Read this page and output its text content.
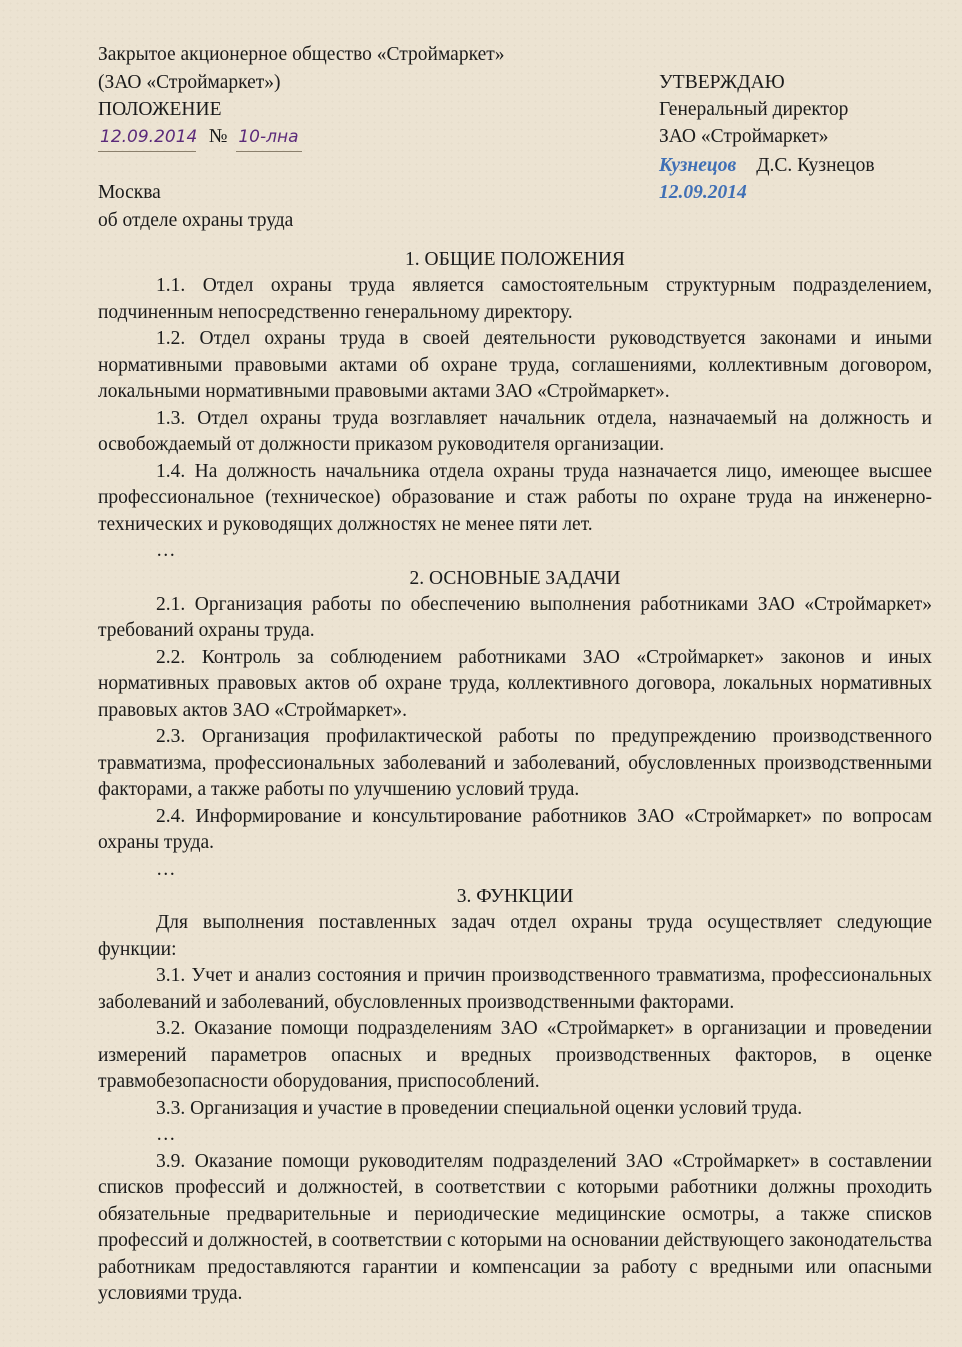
Закрытое акционерное общество «Строймаркет»
(ЗАО «Строймаркет»)
ПОЛОЖЕНИЕ
12.09.2014 № 10-лна
Москва
об отделе охраны труда
УТВЕРЖДАЮ
Генеральный директор
ЗАО «Строймаркет»
Кузнецов Д.С. Кузнецов
12.09.2014
1. ОБЩИЕ ПОЛОЖЕНИЯ
1.1. Отдел охраны труда является самостоятельным структурным подразделением, подчиненным непосредственно генеральному директору.
1.2. Отдел охраны труда в своей деятельности руководствуется законами и иными нормативными правовыми актами об охране труда, соглашениями, коллективным договором, локальными нормативными правовыми актами ЗАО «Строймаркет».
1.3. Отдел охраны труда возглавляет начальник отдела, назначаемый на должность и освобождаемый от должности приказом руководителя организации.
1.4. На должность начальника отдела охраны труда назначается лицо, имеющее высшее профессиональное (техническое) образование и стаж работы по охране труда на инженерно-технических и руководящих должностях не менее пяти лет.
…
2. ОСНОВНЫЕ ЗАДАЧИ
2.1. Организация работы по обеспечению выполнения работниками ЗАО «Строймаркет» требований охраны труда.
2.2. Контроль за соблюдением работниками ЗАО «Строймаркет» законов и иных нормативных правовых актов об охране труда, коллективного договора, локальных нормативных правовых актов ЗАО «Строймаркет».
2.3. Организация профилактической работы по предупреждению производственного травматизма, профессиональных заболеваний и заболеваний, обусловленных производственными факторами, а также работы по улучшению условий труда.
2.4. Информирование и консультирование работников ЗАО «Строймаркет» по вопросам охраны труда.
…
3. ФУНКЦИИ
Для выполнения поставленных задач отдел охраны труда осуществляет следующие функции:
3.1. Учет и анализ состояния и причин производственного травматизма, профессиональных заболеваний и заболеваний, обусловленных производственными факторами.
3.2. Оказание помощи подразделениям ЗАО «Строймаркет» в организации и проведении измерений параметров опасных и вредных производственных факторов, в оценке травмобезопасности оборудования, приспособлений.
3.3. Организация и участие в проведении специальной оценки условий труда.
…
3.9. Оказание помощи руководителям подразделений ЗАО «Строймаркет» в составлении списков профессий и должностей, в соответствии с которыми работники должны проходить обязательные предварительные и периодические медицинские осмотры, а также списков профессий и должностей, в соответствии с которыми на основании действующего законодательства работникам предоставляются гарантии и компенсации за работу с вредными или опасными условиями труда.
